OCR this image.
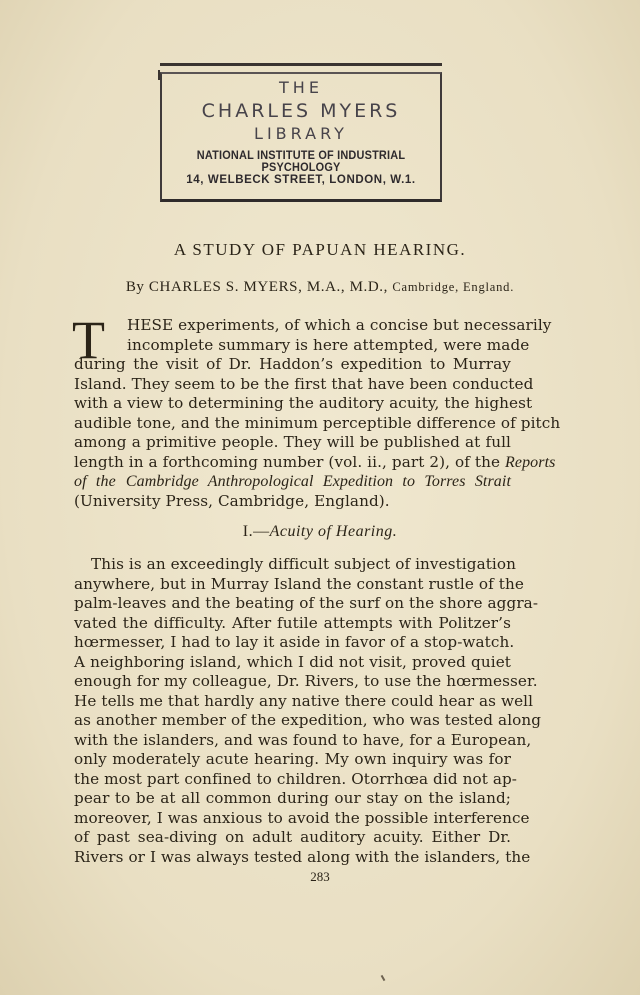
THE
CHARLES MYERS
LIBRARY
NATIONAL INSTITUTE OF INDUSTRIAL PSYCHOLOGY
14, WELBECK STREET, LONDON, W.1.
A STUDY OF PAPUAN HEARING.
By CHARLES S. MYERS, M.A., M.D., Cambridge, England.
T HESE experiments, of which a concise but necessarily
incomplete summary is here attempted, were made
during the visit of Dr. Haddon’s expedition to Murray
Island. They seem to be the first that have been conducted
with a view to determining the auditory acuity, the highest
audible tone, and the minimum perceptible difference of pitch
among a primitive people. They will be published at full
length in a forthcoming number (vol. ii., part 2), of the Reports
of the Cambridge Anthropological Expedition to Torres Strait
(University Press, Cambridge, England).
I.—Acuity of Hearing.
This is an exceedingly difficult subject of investigation
anywhere, but in Murray Island the constant rustle of the
palm-leaves and the beating of the surf on the shore aggra-
vated the difficulty. After futile attempts with Politzer’s
hœrmesser, I had to lay it aside in favor of a stop-watch.
A neighboring island, which I did not visit, proved quiet
enough for my colleague, Dr. Rivers, to use the hœrmesser.
He tells me that hardly any native there could hear as well
as another member of the expedition, who was tested along
with the islanders, and was found to have, for a European,
only moderately acute hearing. My own inquiry was for
the most part confined to children. Otorrhœa did not ap-
pear to be at all common during our stay on the island;
moreover, I was anxious to avoid the possible interference
of past sea-diving on adult auditory acuity. Either Dr.
Rivers or I was always tested along with the islanders, the
283
